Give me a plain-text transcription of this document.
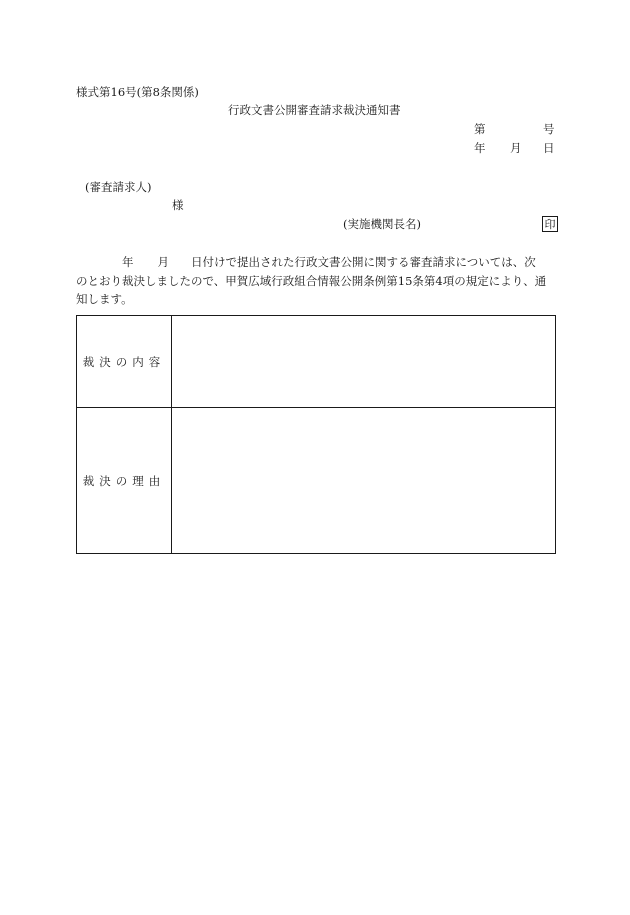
様式第16号(第8条関係)
行政文書公開審査請求裁決通知書
第	号
年 月 日
(審査請求人)
様
(実施機関長名)	印
年 月 日付けで提出された行政文書公開に関する審査請求については、次
のとおり裁決しましたので、甲賀広域行政組合情報公開条例第15条第4項の規定により、通
知します。
裁決の内容
裁決の理由
